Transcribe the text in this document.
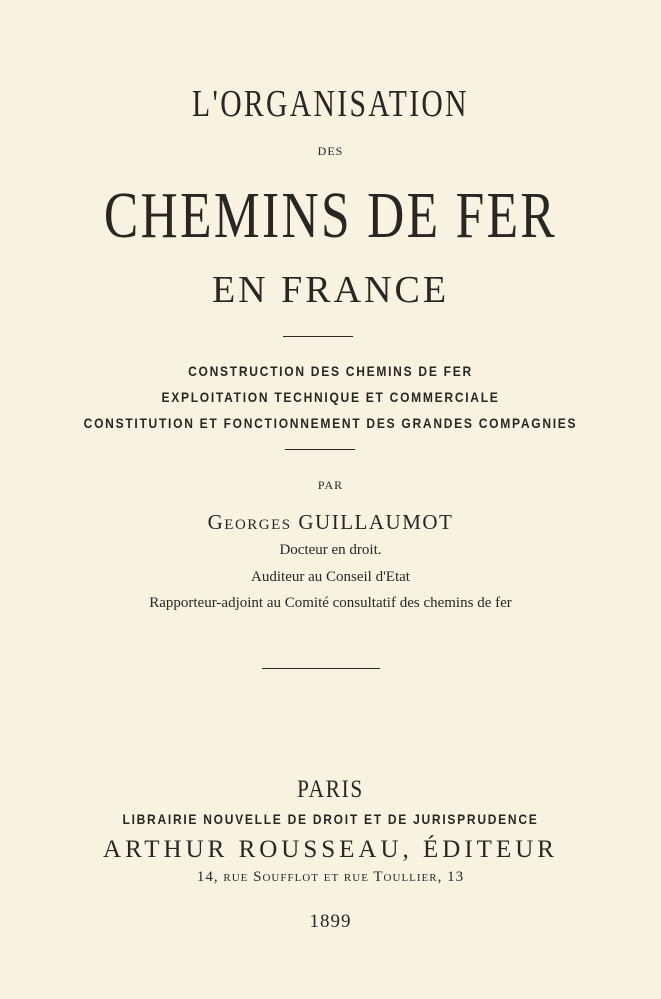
L'ORGANISATION
DES
CHEMINS DE FER
EN FRANCE
CONSTRUCTION DES CHEMINS DE FER
EXPLOITATION TECHNIQUE ET COMMERCIALE
CONSTITUTION ET FONCTIONNEMENT DES GRANDES COMPAGNIES
PAR
Georges GUILLAUMOT
Docteur en droit.
Auditeur au Conseil d'Etat
Rapporteur-adjoint au Comité consultatif des chemins de fer
PARIS
LIBRAIRIE NOUVELLE DE DROIT ET DE JURISPRUDENCE
ARTHUR ROUSSEAU, ÉDITEUR
14, rue Soufflot et rue Toullier, 13
1899
